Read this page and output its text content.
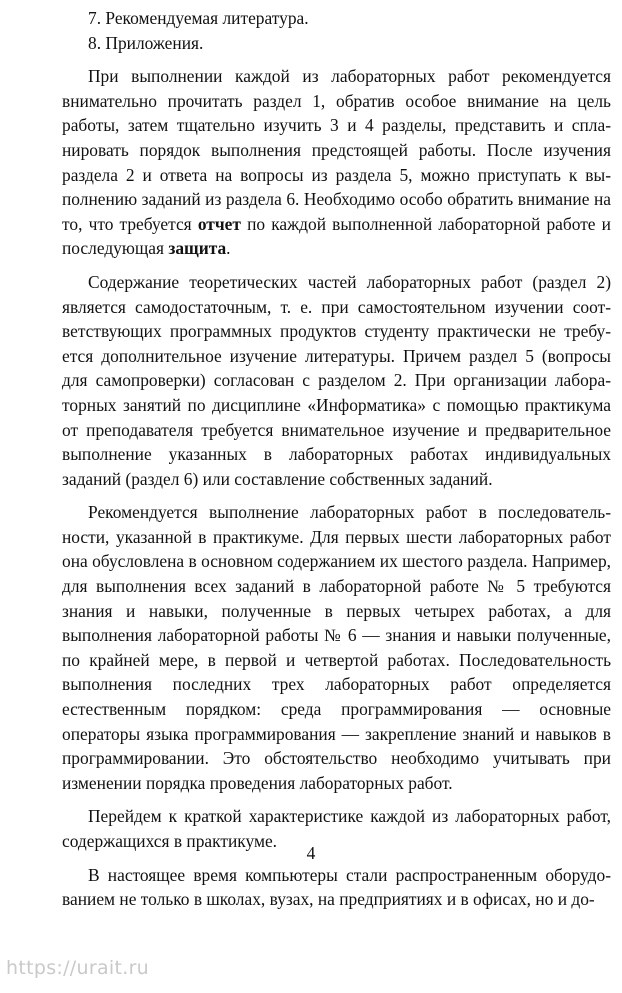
7. Рекомендуемая литература.

8. Приложения.

При выполнении каждой из лабораторных работ рекомендуется внимательно прочитать раздел 1, обратив особое внимание на цель работы, затем тщательно изучить 3 и 4 разделы, представить и спланировать порядок выполнения предстоящей работы. После изучения раздела 2 и ответа на вопросы из раздела 5, можно приступать к выполнению заданий из раздела 6. Необходимо особо обратить внимание на то, что требуется отчет по каждой выполненной лабораторной работе и последующая защита.

Содержание теоретических частей лабораторных работ (раздел 2) является самодостаточным, т. е. при самостоятельном изучении соответствующих программных продуктов студенту практически не требуется дополнительное изучение литературы. Причем раздел 5 (вопросы для самопроверки) согласован с разделом 2. При организации лабораторных занятий по дисциплине «Информатика» с помощью практикума от преподавателя требуется внимательное изучение и предварительное выполнение указанных в лабораторных работах индивидуальных заданий (раздел 6) или составление собственных заданий.

Рекомендуется выполнение лабораторных работ в последовательности, указанной в практикуме. Для первых шести лабораторных работ она обусловлена в основном содержанием их шестого раздела. Например, для выполнения всех заданий в лабораторной работе № 5 требуются знания и навыки, полученные в первых четырех работах, а для выполнения лабораторной работы № 6 — знания и навыки полученные, по крайней мере, в первой и четвертой работах. Последовательность выполнения последних трех лабораторных работ определяется естественным порядком: среда программирования — основные операторы языка программирования — закрепление знаний и навыков в программировании. Это обстоятельство необходимо учитывать при изменении порядка проведения лабораторных работ.

Перейдем к краткой характеристике каждой из лабораторных работ, содержащихся в практикуме.

В настоящее время компьютеры стали распространенным оборудованием не только в школах, вузах, на предприятиях и в офисах, но и до-

4
https://urait.ru
